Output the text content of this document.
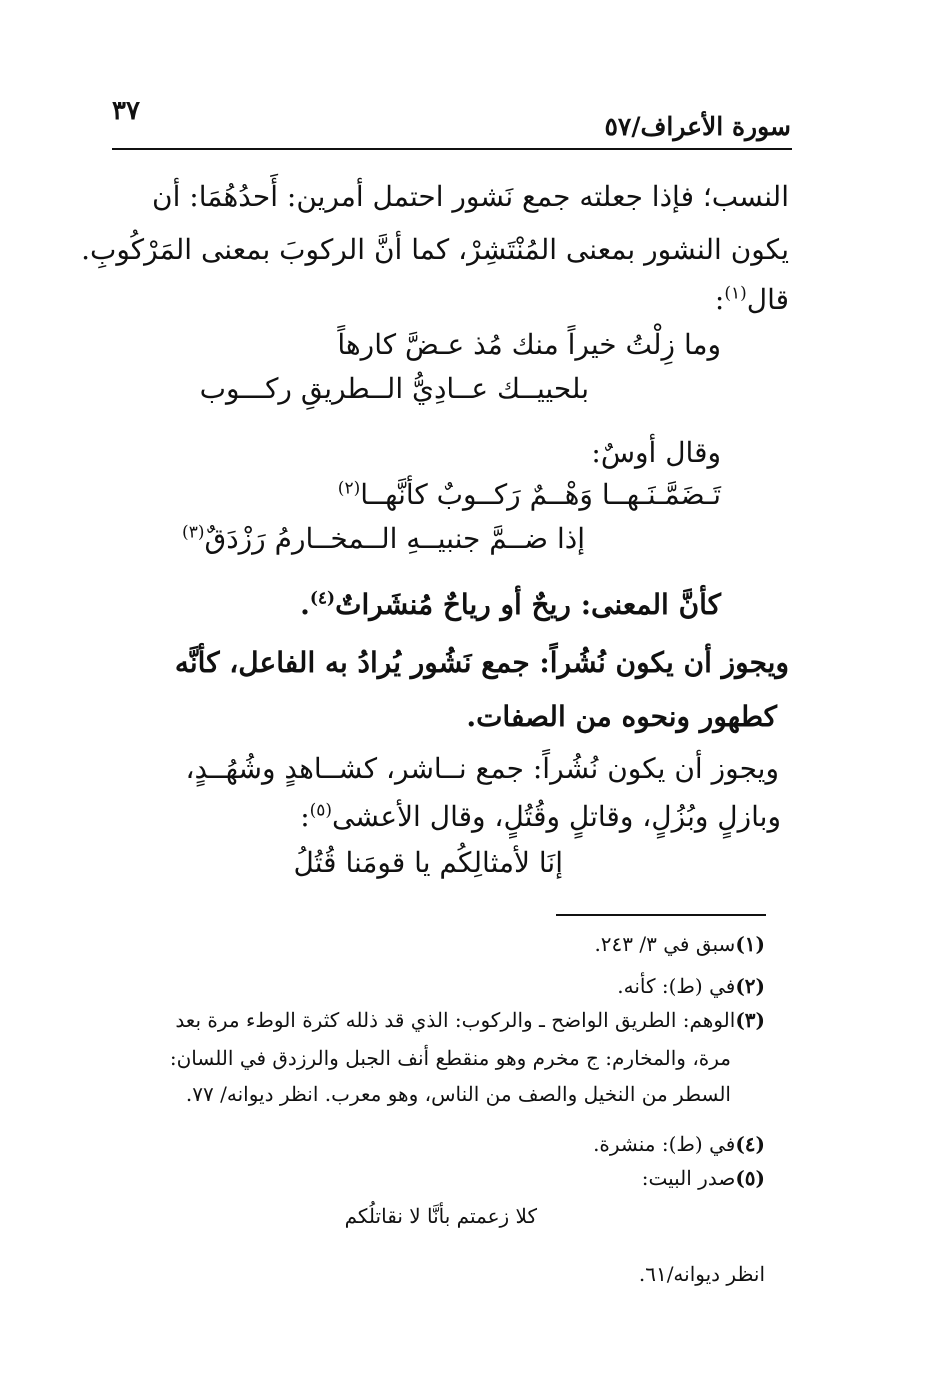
٣٧
سورة الأعراف/٥٧
النسب؛ فإذا جعلته جمع نَشور احتمل أمرين: أَحدُهُمَا: أن
يكون النشور بمعنى المُنْتَشِرْ، كما أنَّ الركوبَ بمعنى المَرْكُوبِ.
قال$^{(١)}$:
وما زِلْتُ خيراً منك مُذ عـضَّ كارهاً
بلحييــك عــادِيُّ الــطريقِ ركـــوب
وقال أوسٌ:
تَـضَمَّـنَـهــا وَهْــمٌ رَكــوبٌ كأنَّهــا$^{(٢)}$
إذا ضــمَّ جنبيــهِ الــمخــارمُ رَزْدَقٌ$^{(٣)}$
كأنَّ المعنى: ريحٌ أو رياحٌ مُنشَراتٌ$^{(٤)}$.
ويجوز أن يكون نُشُراً: جمع نَشُور يُرادُ به الفاعل، كأنَّه
كطهور ونحوه من الصفات.
ويجوز أن يكون نُشُراً: جمع نــاشر، كشــاهدٍ وشُهُــدٍ،
وبازلٍ وبُزُلٍ، وقاتلٍ وقُتُلٍ، وقال الأعشى$^{(٥)}$:
إنَا لأمثالِكُم يا قومَنا قُتُلُ
(١)سبق في ٣/ ٢٤٣.
(٢)في (ط): كأنه.
(٣)الوهم: الطريق الواضح ـ والركوب: الذي قد ذلله كثرة الوطء مرة بعد
مرة، والمخارم: ج مخرم وهو منقطع أنف الجبل والرزدق في اللسان:
السطر من النخيل والصف من الناس، وهو معرب. انظر ديوانه/ ٧٧.
(٤)في (ط): منشرة.
(٥)صدر البيت:
كلا زعمتم بأنَّا لا نقاتلُكم
انظر ديوانه/٦١.
